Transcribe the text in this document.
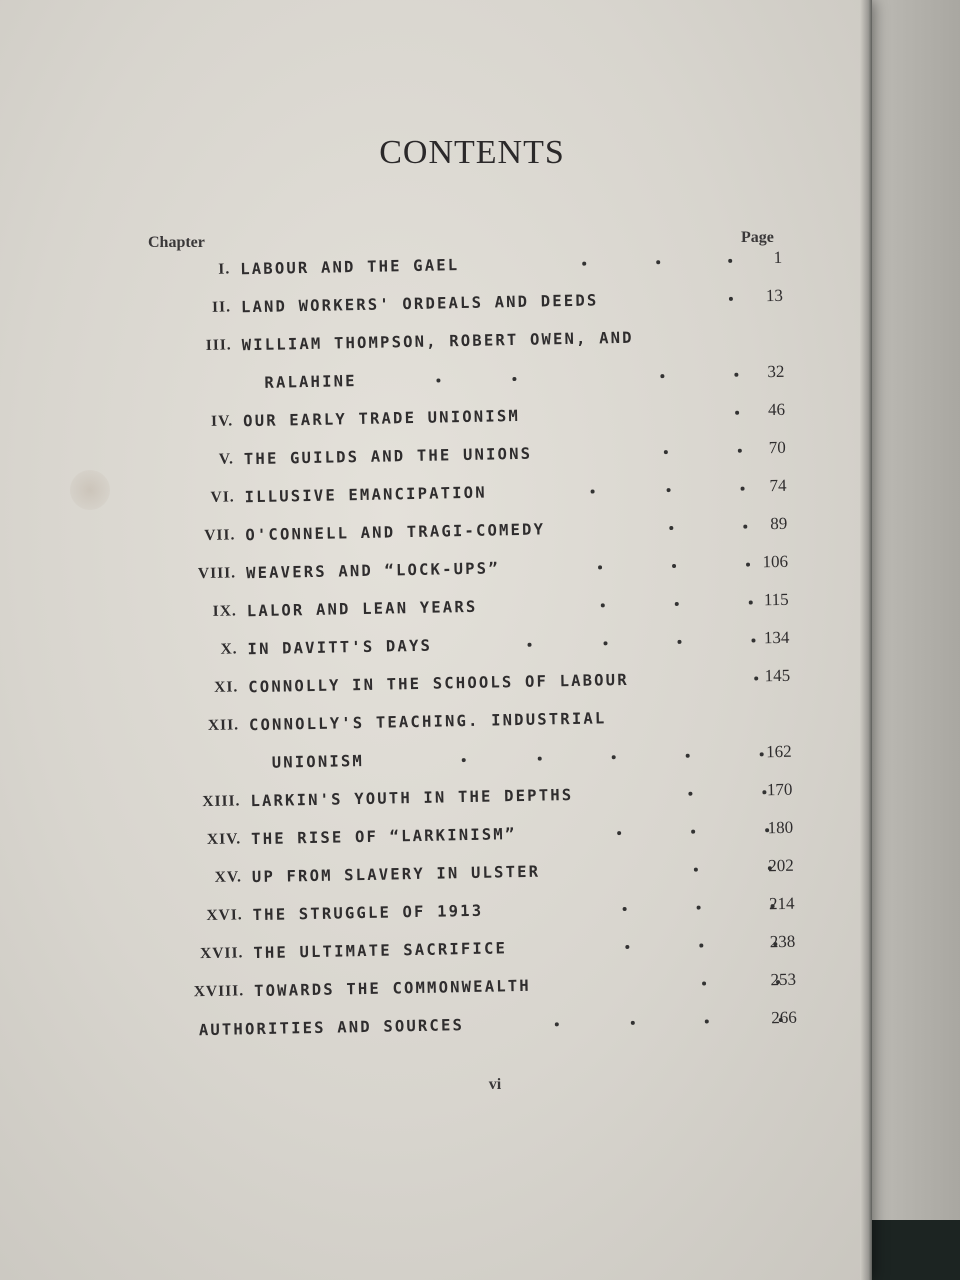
CONTENTS
Chapter	Page
I. LABOUR AND THE GAEL	1
II. LAND WORKERS' ORDEALS AND DEEDS	13
III. WILLIAM THOMPSON, ROBERT OWEN, AND
RALAHINE
32
IV. OUR EARLY TRADE UNIONISM	46
V. THE GUILDS AND THE UNIONS	70
VI. ILLUSIVE EMANCIPATION	74
VII. O'CONNELL AND TRAGI-COMEDY	89
VIII. WEAVERS AND “LOCK-UPS”	106
IX. LALOR AND LEAN YEARS	115
X. IN DAVITT'S DAYS	134
XI. CONNOLLY IN THE SCHOOLS OF LABOUR	145
XII. CONNOLLY'S TEACHING. INDUSTRIAL
UNIONISM
162
XIII. LARKIN'S YOUTH IN THE DEPTHS	170
XIV. THE RISE OF “LARKINISM”	180
XV. UP FROM SLAVERY IN ULSTER	202
XVI. THE STRUGGLE OF 1913	214
XVII. THE ULTIMATE SACRIFICE	238
XVIII. TOWARDS THE COMMONWEALTH	253
AUTHORITIES AND SOURCES	266
vi
